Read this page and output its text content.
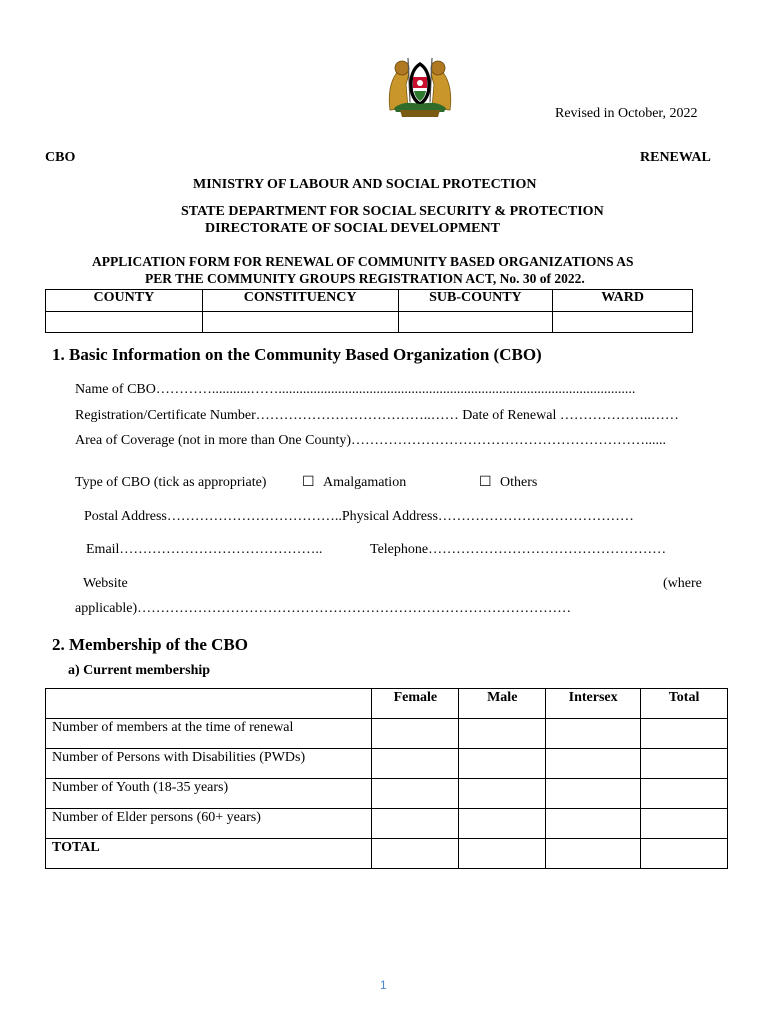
Revised in October, 2022
CBO	RENEWAL
MINISTRY OF LABOUR AND SOCIAL PROTECTION
STATE DEPARTMENT FOR SOCIAL SECURITY & PROTECTION
DIRECTORATE OF SOCIAL DEVELOPMENT
APPLICATION FORM FOR RENEWAL OF COMMUNITY BASED ORGANIZATIONS AS
PER THE COMMUNITY GROUPS REGISTRATION ACT, No. 30 of 2022.
COUNTY	CONSTITUENCY	SUB-COUNTY	WARD

1. Basic Information on the Community Based Organization (CBO)
Name of CBO…………...........……......................................................................................................
Registration/Certificate Number………………………………..…… Date of Renewal ………………..……
Area of Coverage (not in more than One County)………………………………………………………......
Type of CBO (tick as appropriate)	☐ Amalgamation	☐ Others
Postal Address………………………………..Physical Address……………………………………
Email……………………………………..	Telephone……………………………………………
Website	(where
applicable)…………………………………………………………………………………
2. Membership of the CBO
a) Current membership
	Female	Male	Intersex	Total
Number of members at the time of renewal				
Number of Persons with Disabilities (PWDs)				
Number of Youth (18-35 years)				
Number of Elder persons (60+ years)				
TOTAL				
1
